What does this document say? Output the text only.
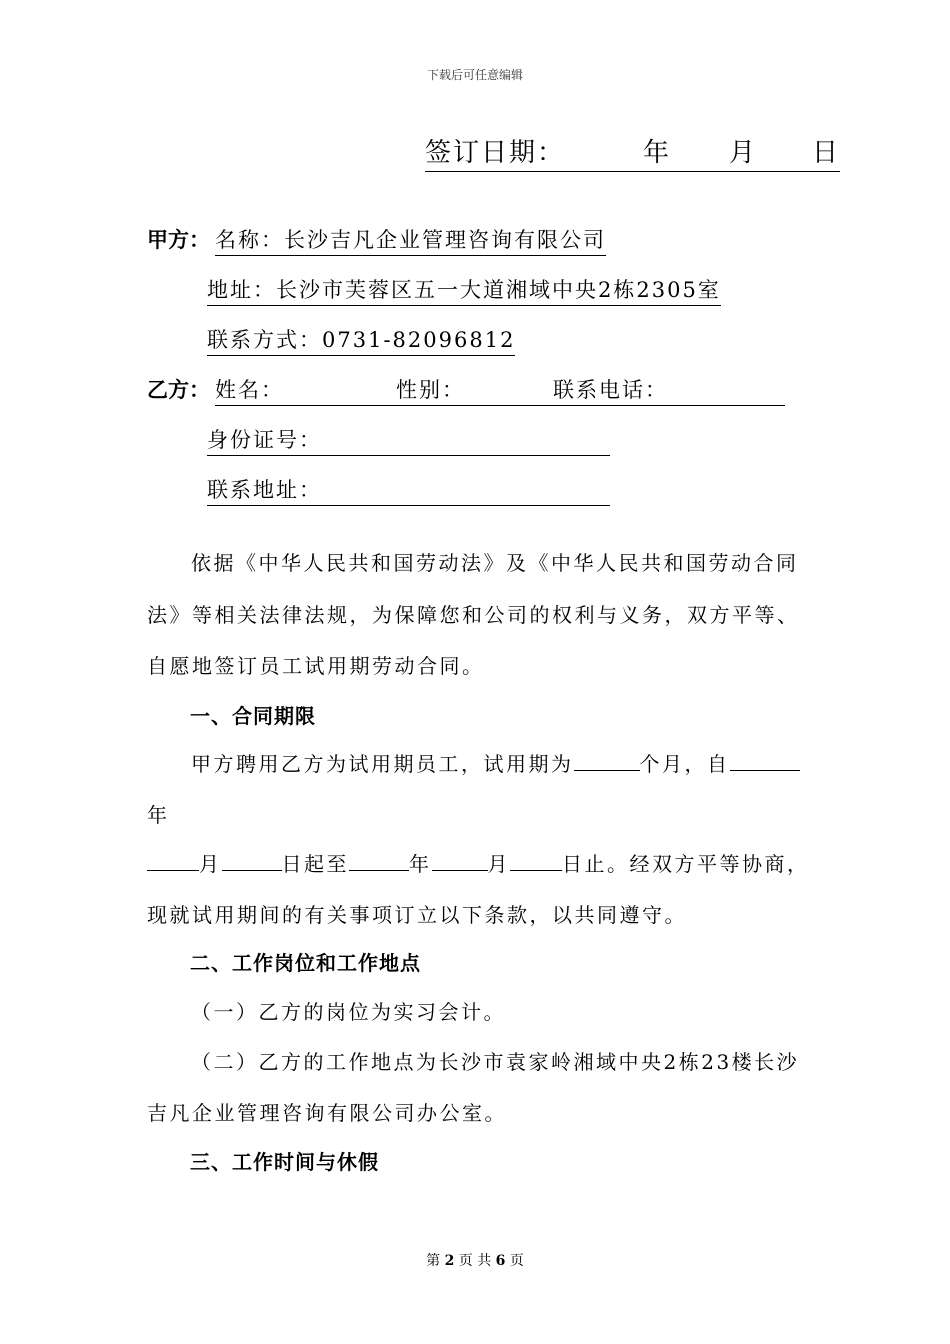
下载后可任意编辑
签订日期：	年 月 日
甲方： 名称：长沙吉凡企业管理咨询有限公司
地址：长沙市芙蓉区五一大道湘域中央2栋2305室
联系方式：0731-82096812
乙方： 姓名：	性别：	联系电话：
身份证号：
联系地址：
依据《中华人民共和国劳动法》及《中华人民共和国劳动合同
法》等相关法律法规，为保障您和公司的权利与义务，双方平等、
自愿地签订员工试用期劳动合同。
一、合同期限
甲方聘用乙方为试用期员工，试用期为	个月，自
年
月	日起至	年	月	日止。经双方平等协商，
现就试用期间的有关事项订立以下条款，以共同遵守。
二、工作岗位和工作地点
（一）乙方的岗位为实习会计。
（二）乙方的工作地点为长沙市袁家岭湘域中央2栋23楼长沙
吉凡企业管理咨询有限公司办公室。
三、工作时间与休假
第 2 页 共 6 页
